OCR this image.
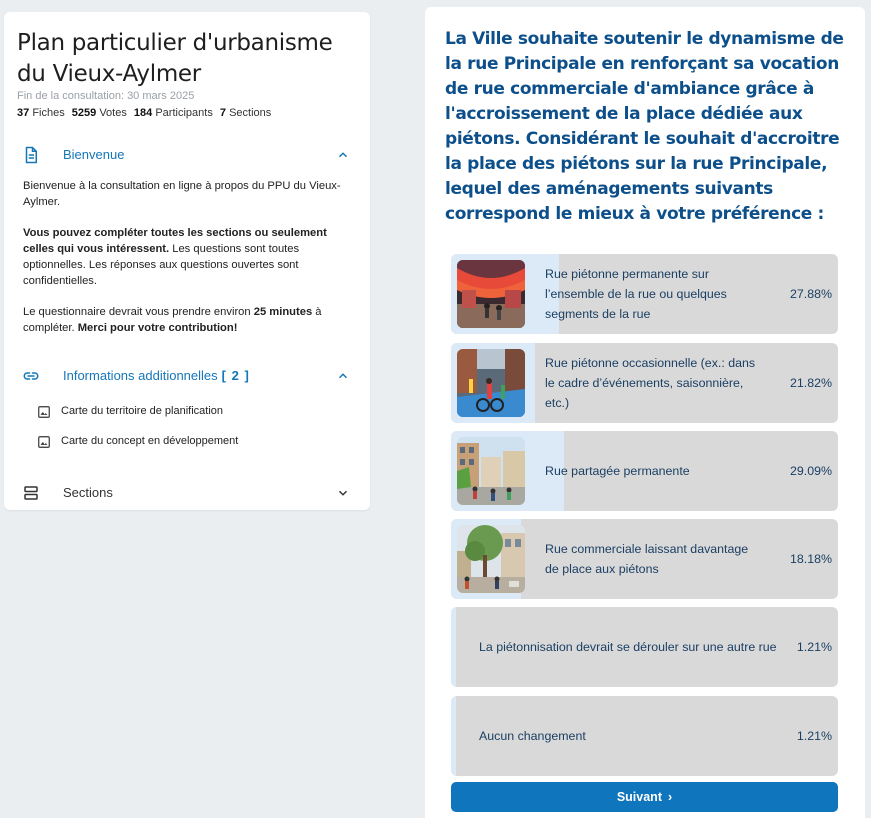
Plan particulier d'urbanisme du Vieux-Aylmer
Fin de la consultation: 30 mars 2025
37 Fiches 5259 Votes 184 Participants 7 Sections
Bienvenue

Bienvenue à la consultation en ligne à propos du PPU du Vieux-Aylmer.

Vous pouvez compléter toutes les sections ou seulement celles qui vous intéressent. Les questions sont toutes optionnelles. Les réponses aux questions ouvertes sont confidentielles.

Le questionnaire devrait vous prendre environ 25 minutes à compléter. Merci pour votre contribution!

Informations additionnelles [ 2 ]
Carte du territoire de planification
Carte du concept en développement
Sections
La Ville souhaite soutenir le dynamisme de la rue Principale en renforçant sa vocation de rue commerciale d'ambiance grâce à l'accroissement de la place dédiée aux piétons. Considérant le souhait d'accroitre la place des piétons sur la rue Principale, lequel des aménagements suivants correspond le mieux à votre préférence :
Rue piétonne permanente sur l’ensemble de la rue ou quelques segments de la rue
27.88%
Rue piétonne occasionnelle (ex.: dans le cadre d’événements, saisonnière, etc.)
21.82%
Rue partagée permanente	29.09%
Rue commerciale laissant davantage de place aux piétons
18.18%
La piétonnisation devrait se dérouler sur une autre rue 1.21%
Aucun changement	1.21%
Suivant ›
